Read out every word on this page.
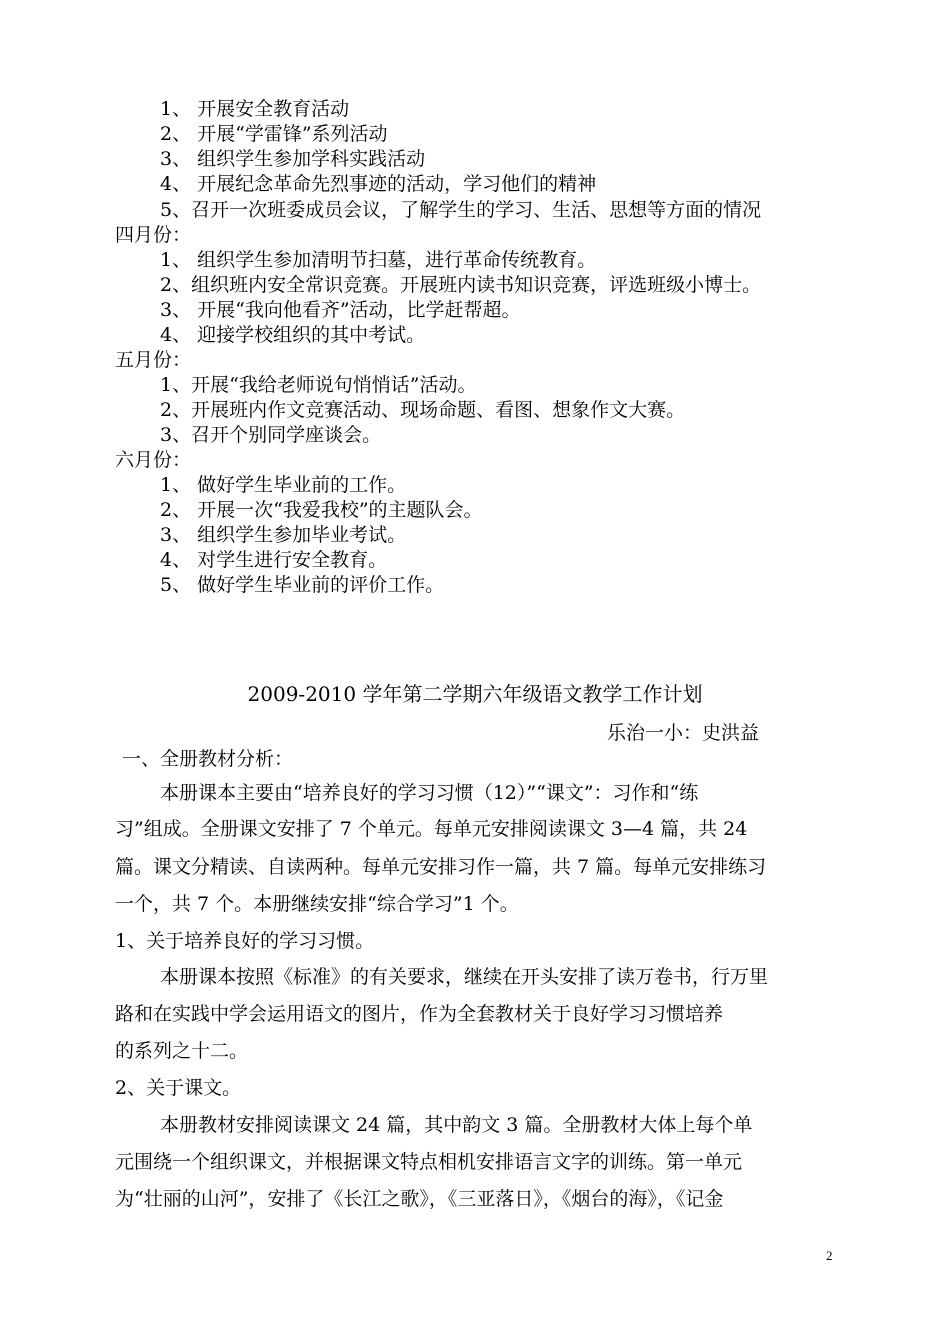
1、 开展安全教育活动
2、 开展“学雷锋”系列活动
3、 组织学生参加学科实践活动
4、 开展纪念革命先烈事迹的活动，学习他们的精神
5、召开一次班委成员会议，了解学生的学习、生活、思想等方面的情况
四月份：
1、 组织学生参加清明节扫墓，进行革命传统教育。
2、组织班内安全常识竞赛。开展班内读书知识竞赛，评选班级小博士。
3、 开展“我向他看齐”活动，比学赶帮超。
4、 迎接学校组织的其中考试。
五月份：
1、开展“我给老师说句悄悄话”活动。
2、开展班内作文竞赛活动、现场命题、看图、想象作文大赛。
3、召开个别同学座谈会。
六月份：
1、 做好学生毕业前的工作。
2、 开展一次“我爱我校”的主题队会。
3、 组织学生参加毕业考试。
4、 对学生进行安全教育。
5、 做好学生毕业前的评价工作。
2009-2010 学年第二学期六年级语文教学工作计划
乐治一小：史洪益
一、全册教材分析：
本册课本主要由“培养良好的学习习惯（12）”“课文”：习作和“练
习”组成。全册课文安排了 7 个单元。每单元安排阅读课文 3—4 篇，共 24
篇。课文分精读、自读两种。每单元安排习作一篇，共 7 篇。每单元安排练习
一个，共 7 个。本册继续安排“综合学习”1 个。
1、关于培养良好的学习习惯。
本册课本按照《标准》的有关要求，继续在开头安排了读万卷书，行万里
路和在实践中学会运用语文的图片，作为全套教材关于良好学习习惯培养
的系列之十二。
2、关于课文。
本册教材安排阅读课文 24 篇，其中韵文 3 篇。全册教材大体上每个单
元围绕一个组织课文，并根据课文特点相机安排语言文字的训练。第一单元
为“壮丽的山河”，安排了《长江之歌》，《三亚落日》，《烟台的海》，《记金
2
